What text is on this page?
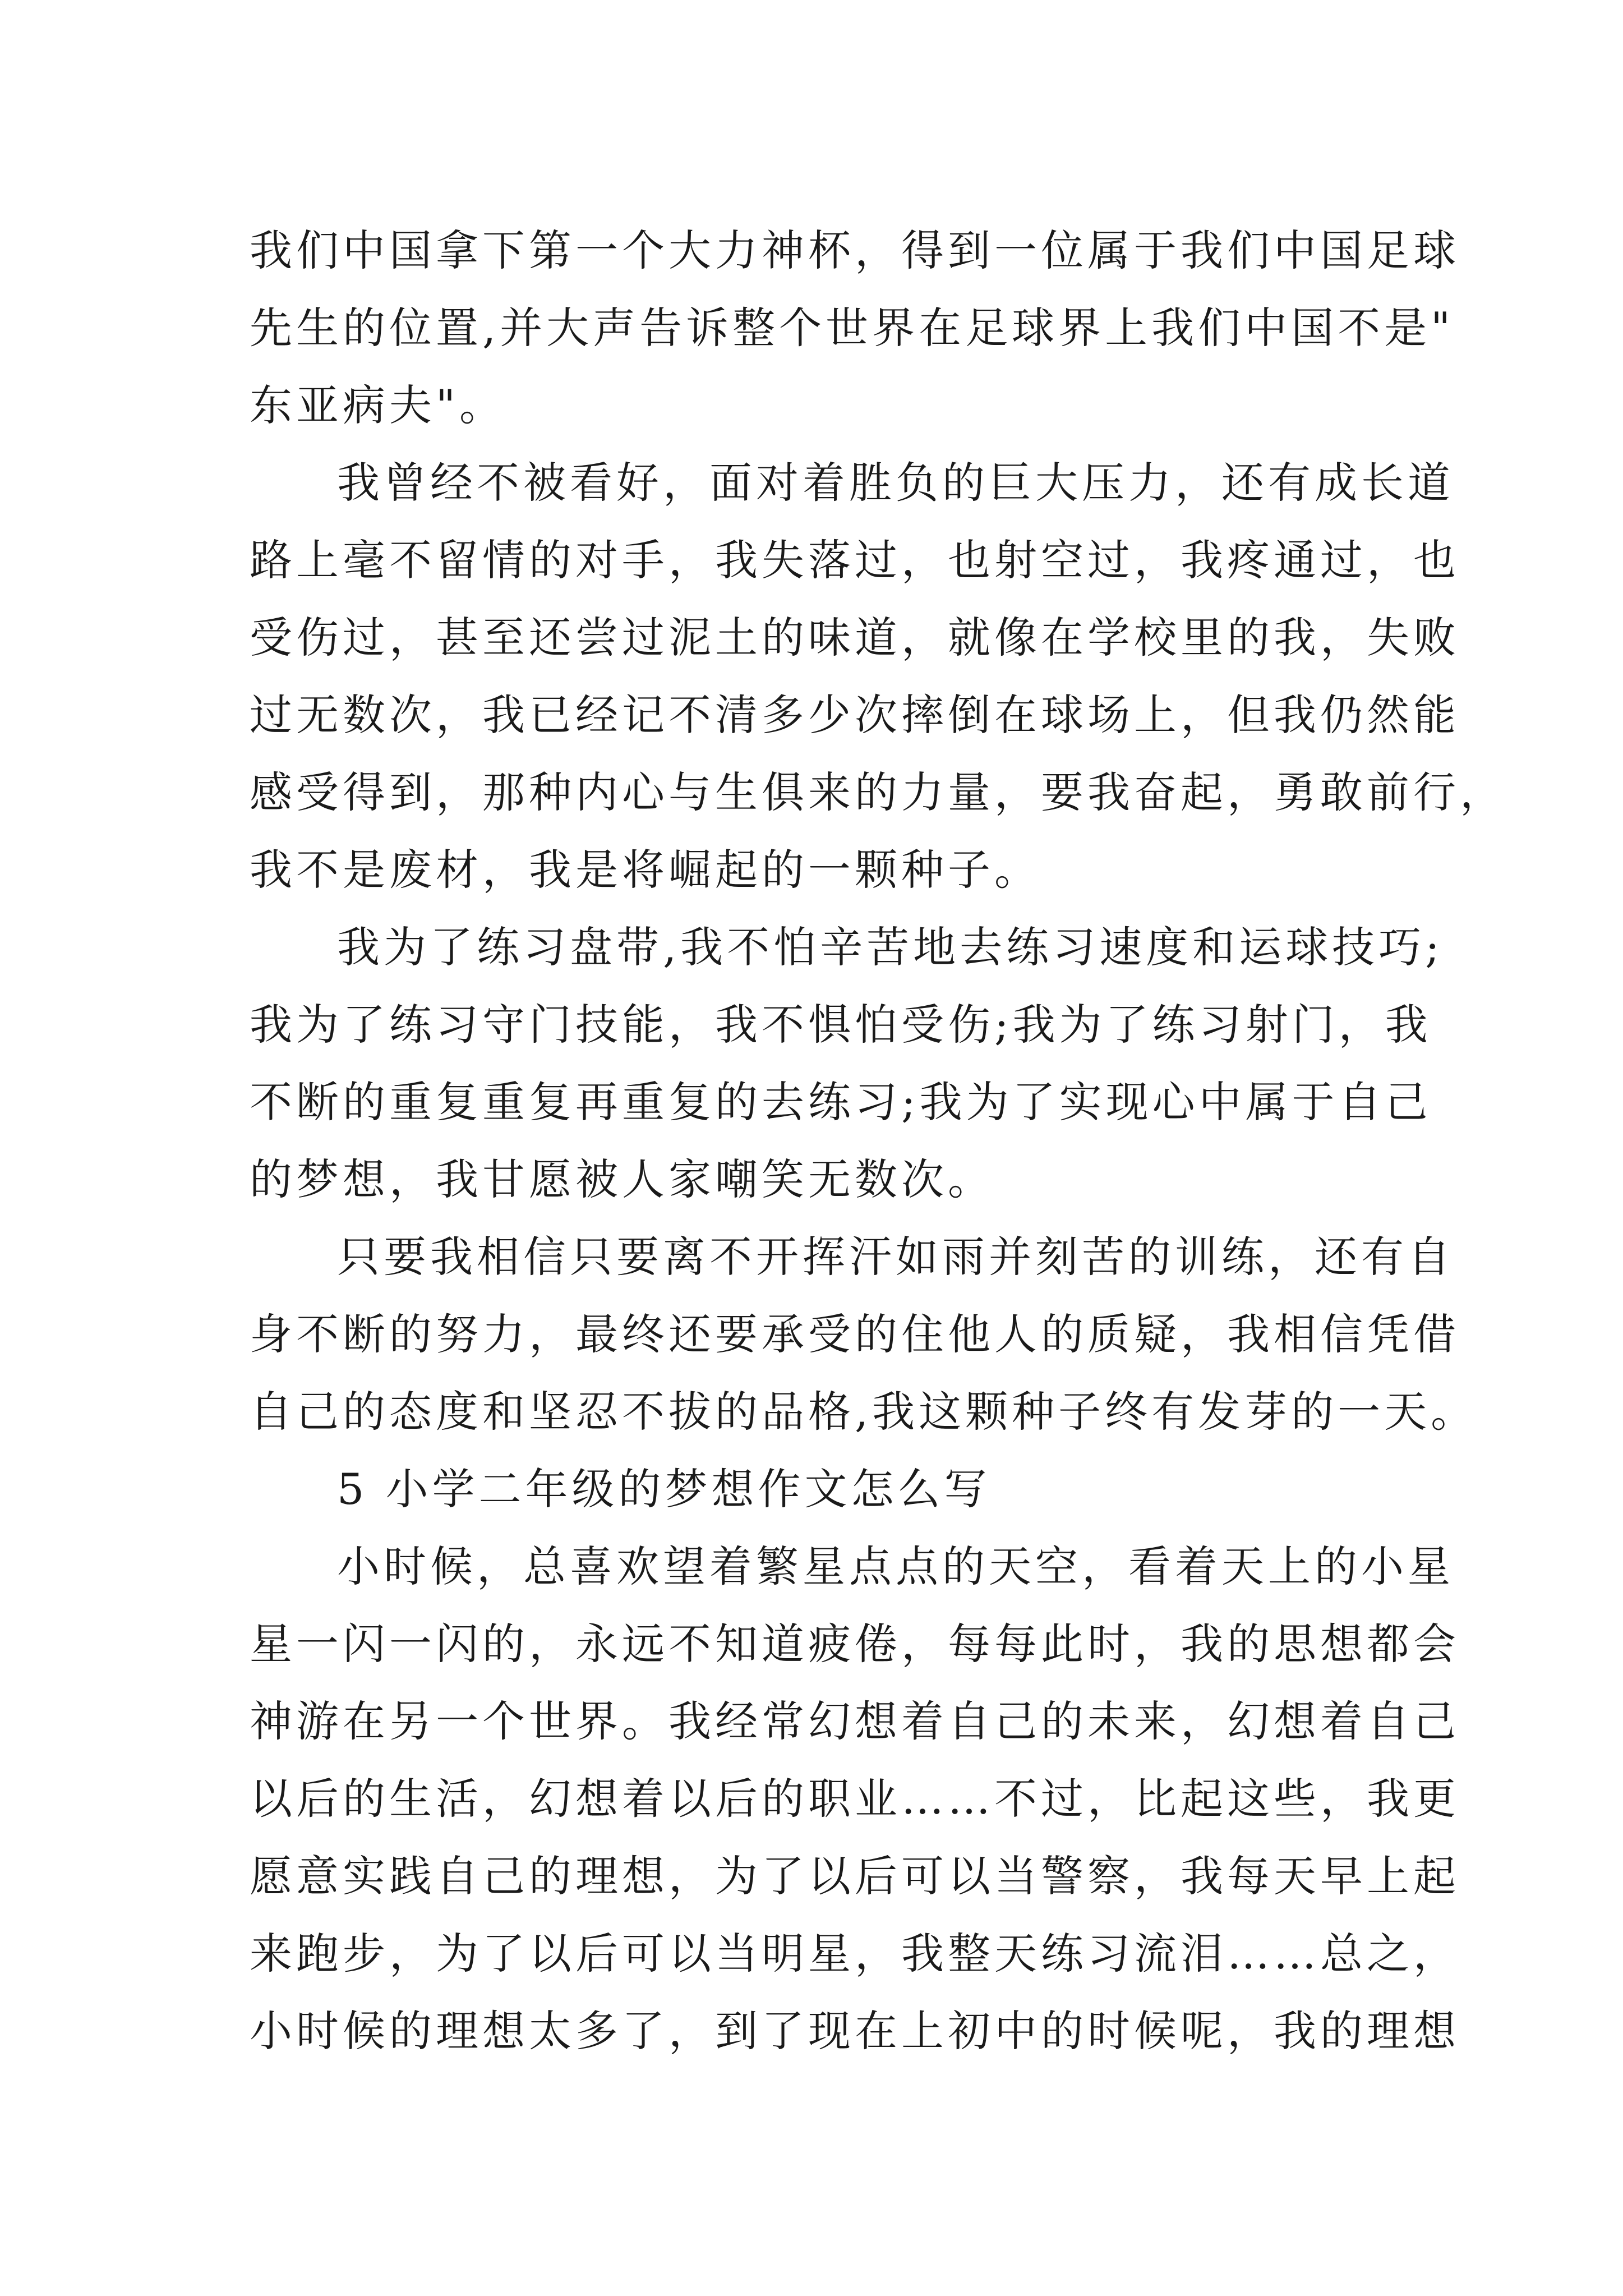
我们中国拿下第一个大力神杯，得到一位属于我们中国足球
先生的位置,并大声告诉整个世界在足球界上我们中国不是"
东亚病夫"。
我曾经不被看好，面对着胜负的巨大压力，还有成长道
路上毫不留情的对手，我失落过，也射空过，我疼通过，也
受伤过，甚至还尝过泥土的味道，就像在学校里的我，失败
过无数次，我已经记不清多少次摔倒在球场上，但我仍然能
感受得到，那种内心与生俱来的力量，要我奋起，勇敢前行，
我不是废材，我是将崛起的一颗种子。
我为了练习盘带,我不怕辛苦地去练习速度和运球技巧;
我为了练习守门技能，我不惧怕受伤;我为了练习射门，我
不断的重复重复再重复的去练习;我为了实现心中属于自己
的梦想，我甘愿被人家嘲笑无数次。
只要我相信只要离不开挥汗如雨并刻苦的训练，还有自
身不断的努力，最终还要承受的住他人的质疑，我相信凭借
自己的态度和坚忍不拔的品格,我这颗种子终有发芽的一天。
5 小学二年级的梦想作文怎么写
小时候，总喜欢望着繁星点点的天空，看着天上的小星
星一闪一闪的，永远不知道疲倦，每每此时，我的思想都会
神游在另一个世界。我经常幻想着自己的未来，幻想着自己
以后的生活，幻想着以后的职业……不过，比起这些，我更
愿意实践自己的理想，为了以后可以当警察，我每天早上起
来跑步，为了以后可以当明星，我整天练习流泪……总之，
小时候的理想太多了，到了现在上初中的时候呢，我的理想
